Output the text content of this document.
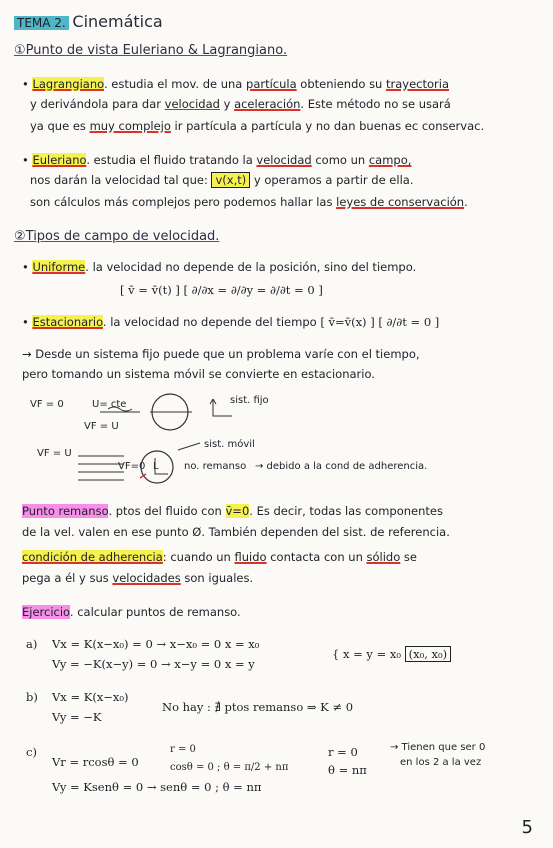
TEMA 2. Cinemática
①Punto de vista Euleriano & Lagrangiano.
• Lagrangiano. estudia el mov. de una partícula obteniendo su trayectoria
y derivándola para dar velocidad y aceleración. Este método no se usará
ya que es muy complejo ir partícula a partícula y no dan buenas ec conservac.
• Euleriano. estudia el fluido tratando la velocidad como un campo,
nos darán la velocidad tal que: v(x,t) y operamos a partir de ella.
son cálculos más complejos pero podemos hallar las leyes de conservación.
②Tipos de campo de velocidad.
• Uniforme. la velocidad no depende de la posición, sino del tiempo.
[ v̄ = v̄(t) ] [ ∂/∂x = ∂/∂y = ∂/∂t = 0 ]
• Estacionario. la velocidad no depende del tiempo [ v̄=v̄(x) ] [ ∂/∂t = 0 ]
→ Desde un sistema fijo puede que un problema varíe con el tiempo,
pero tomando un sistema móvil se convierte en estacionario.
VF = 0	U= cte	sist. fijo
VF = U
VF = U
sist. móvil
VF=0 L	no. remanso → debido a la cond de adherencia.
Punto remanso. ptos del fluido con v̄=0. Es decir, todas las componentes
de la vel. valen en ese punto Ø. También dependen del sist. de referencia.
condición de adherencia: cuando un fluido contacta con un sólido se
pega a él y sus velocidades son iguales.
Ejercicio. calcular puntos de remanso.
a) Vx = K(x−x₀) = 0 → x−x₀ = 0 x = x₀
Vy = −K(x−y) = 0 → x−y = 0 x = y
{ x = y = x₀ (x₀, x₀)
b) Vx = K(x−x₀)
Vy = −K
No hay : ∄ ptos remanso ⇒ K ≠ 0
c)
Vr = rcosθ = 0
r = 0
cosθ = 0 ; θ = π/2 + nπ
Vy = Ksenθ = 0 → senθ = 0 ; θ = nπ
r = 0
θ = nπ
→ Tienen que ser 0
en los 2 a la vez
5
